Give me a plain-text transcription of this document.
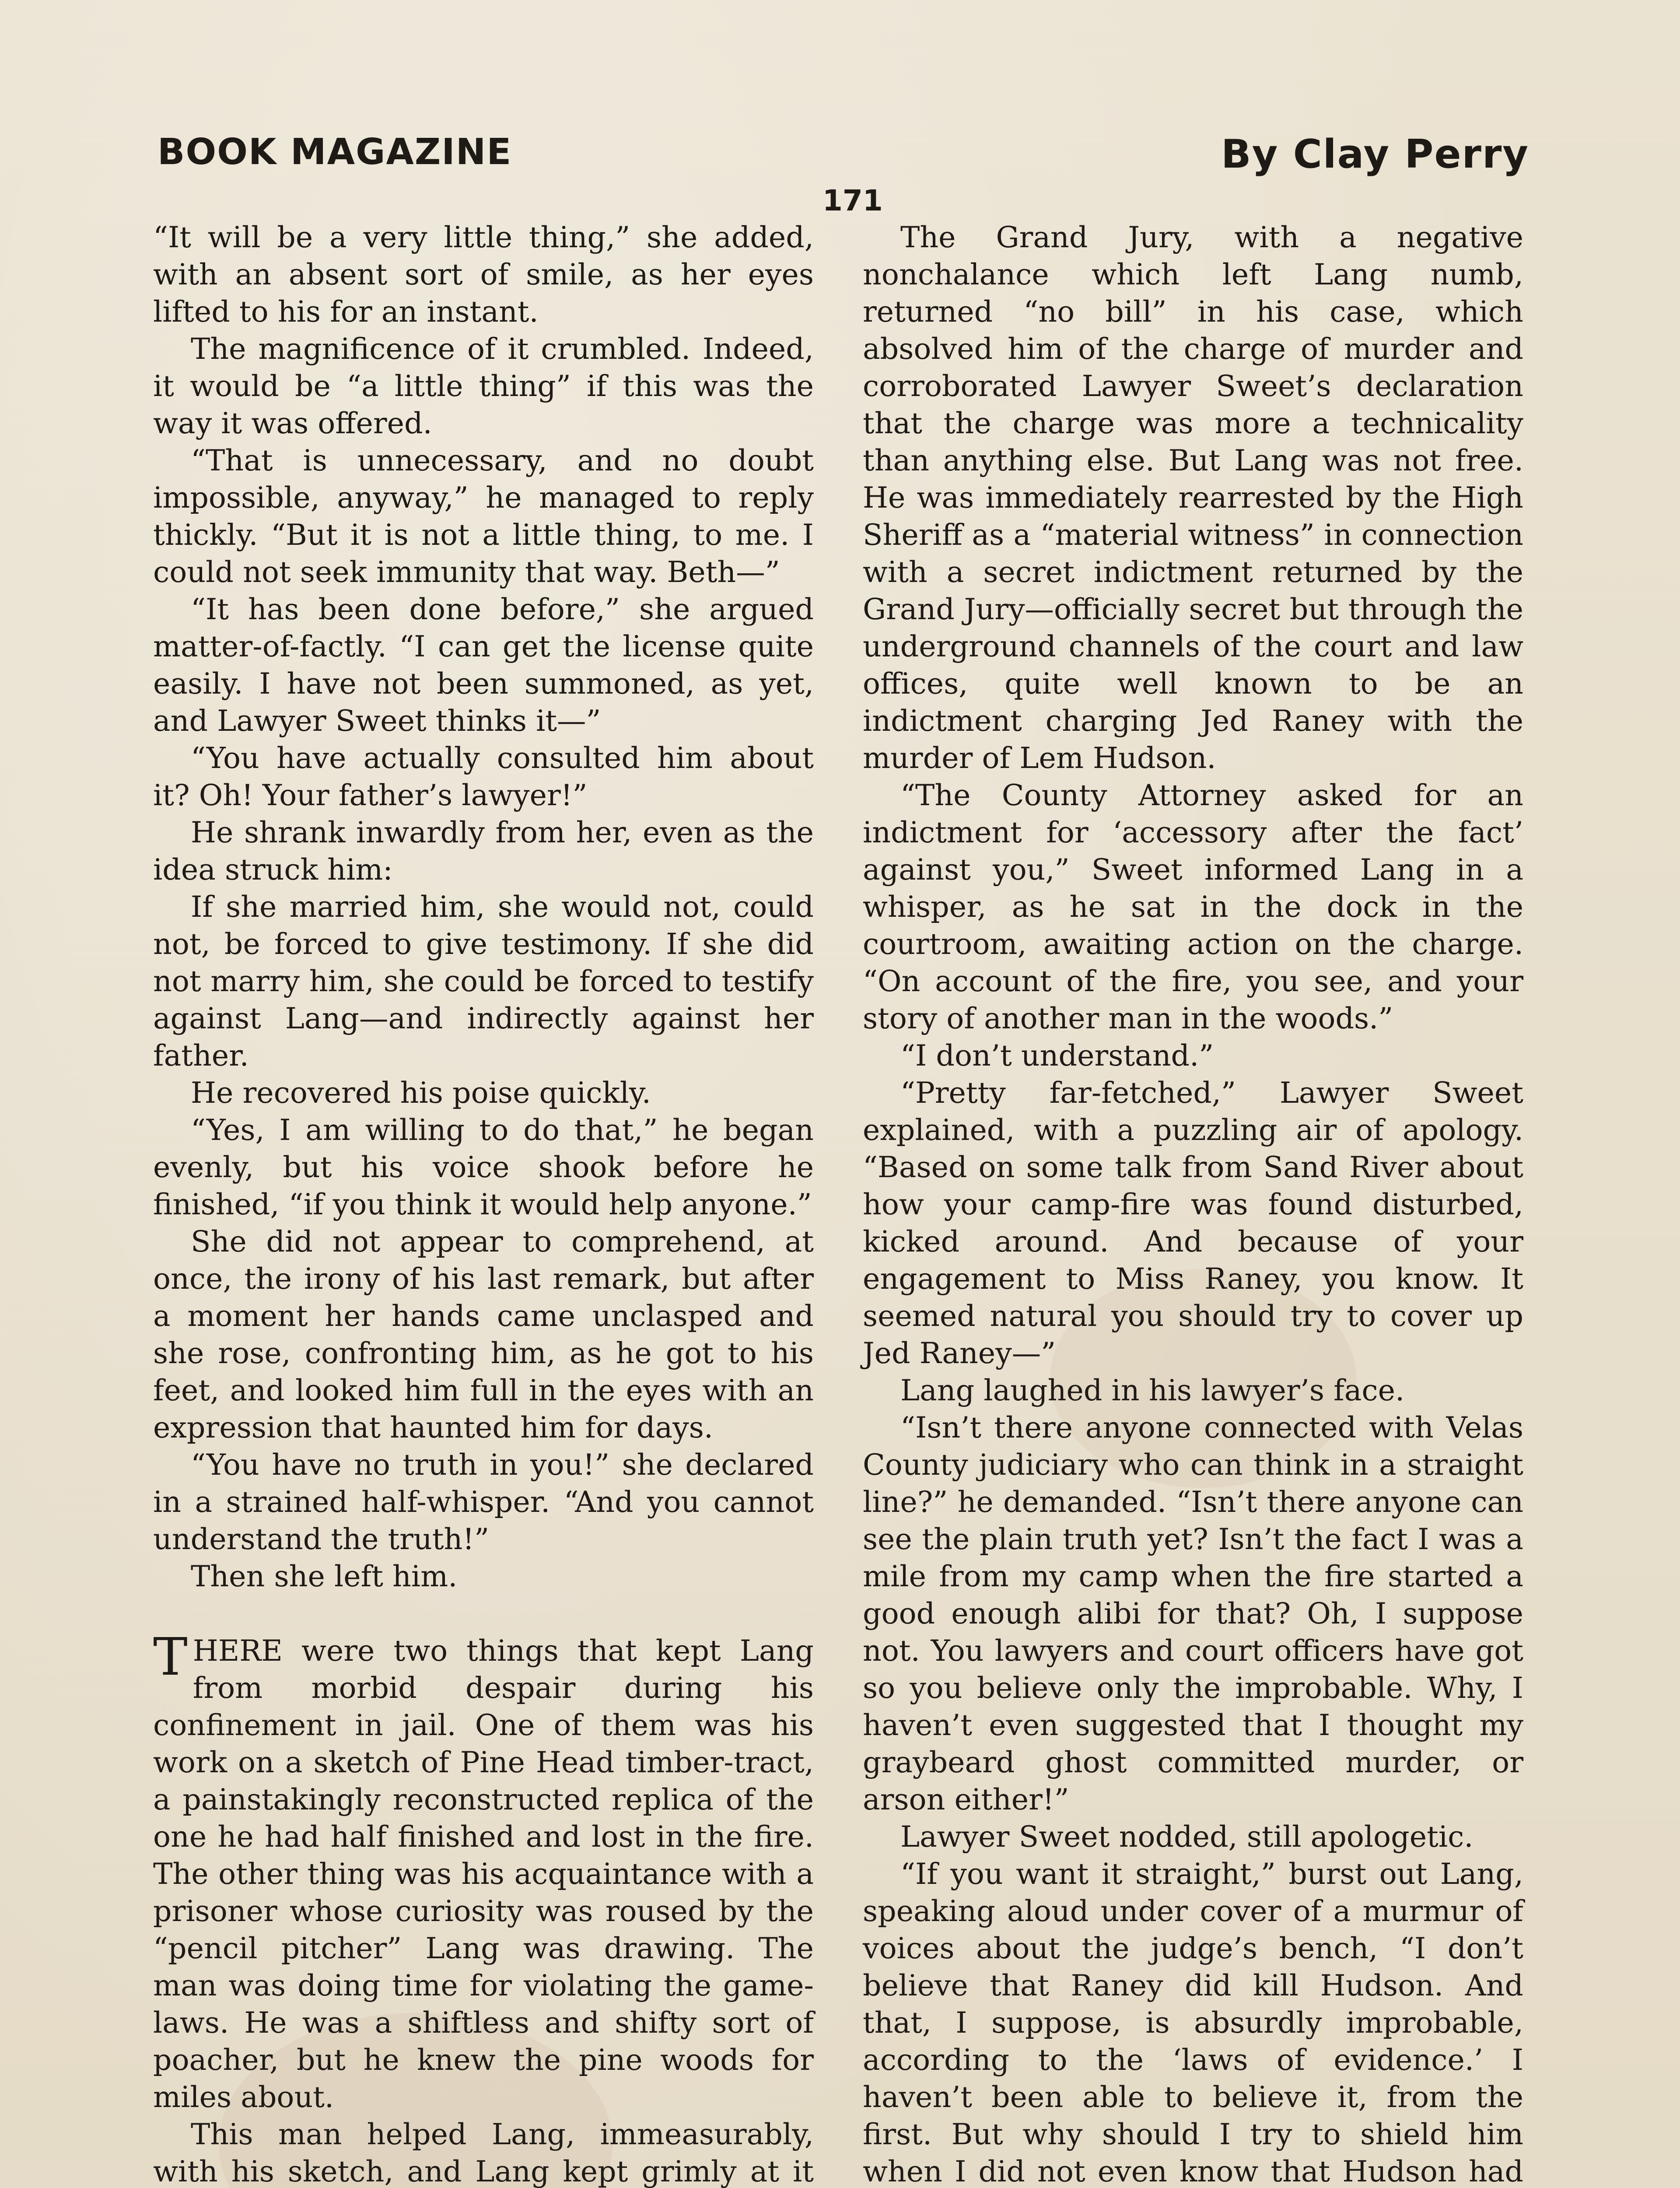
BOOK MAGAZINE	By Clay Perry
171

“It will be a very little thing,” she added, with an absent sort of smile, as her eyes lifted to his for an instant.

The magnificence of it crumbled. Indeed, it would be “a little thing” if this was the way it was offered.

“That is unnecessary, and no doubt impossible, anyway,” he managed to reply thickly. “But it is not a little thing, to me. I could not seek immunity that way. Beth—”

“It has been done before,” she argued matter-of-factly. “I can get the license quite easily. I have not been summoned, as yet, and Lawyer Sweet thinks it—”

“You have actually consulted him about it? Oh! Your father’s lawyer!”

He shrank inwardly from her, even as the idea struck him:

If she married him, she would not, could not, be forced to give testimony. If she did not marry him, she could be forced to testify against Lang—and indirectly against her father.

He recovered his poise quickly.

“Yes, I am willing to do that,” he began evenly, but his voice shook before he finished, “if you think it would help anyone.”

She did not appear to comprehend, at once, the irony of his last remark, but after a moment her hands came unclasped and she rose, confronting him, as he got to his feet, and looked him full in the eyes with an expression that haunted him for days.

“You have no truth in you!” she declared in a strained half-whisper. “And you cannot understand the truth!”

Then she left him.

THERE were two things that kept Lang from morbid despair during his confinement in jail. One of them was his work on a sketch of Pine Head timber-tract, a painstakingly reconstructed replica of the one he had half finished and lost in the fire. The other thing was his acquaintance with a prisoner whose curiosity was roused by the “pencil pitcher” Lang was drawing. The man was doing time for violating the game-laws. He was a shiftless and shifty sort of poacher, but he knew the pine woods for miles about.

This man helped Lang, immeasurably, with his sketch, and Lang kept grimly at it

The Grand Jury, with a negative nonchalance which left Lang numb, returned “no bill” in his case, which absolved him of the charge of murder and corroborated Lawyer Sweet’s declaration that the charge was more a technicality than anything else. But Lang was not free. He was immediately rearrested by the High Sheriff as a “material witness” in connection with a secret indictment returned by the Grand Jury—officially secret but through the underground channels of the court and law offices, quite well known to be an indictment charging Jed Raney with the murder of Lem Hudson.

“The County Attorney asked for an indictment for ‘accessory after the fact’ against you,” Sweet informed Lang in a whisper, as he sat in the dock in the courtroom, awaiting action on the charge. “On account of the fire, you see, and your story of another man in the woods.”

“I don’t understand.”

“Pretty far-fetched,” Lawyer Sweet explained, with a puzzling air of apology. “Based on some talk from Sand River about how your camp-fire was found disturbed, kicked around. And because of your engagement to Miss Raney, you know. It seemed natural you should try to cover up Jed Raney—”

Lang laughed in his lawyer’s face.

“Isn’t there anyone connected with Velas County judiciary who can think in a straight line?” he demanded. “Isn’t there anyone can see the plain truth yet? Isn’t the fact I was a mile from my camp when the fire started a good enough alibi for that? Oh, I suppose not. You lawyers and court officers have got so you believe only the improbable. Why, I haven’t even suggested that I thought my graybeard ghost committed murder, or arson either!”

Lawyer Sweet nodded, still apologetic.

“If you want it straight,” burst out Lang, speaking aloud under cover of a murmur of voices about the judge’s bench, “I don’t believe that Raney did kill Hudson. And that, I suppose, is absurdly improbable, according to the ‘laws of evidence.’ I haven’t been able to believe it, from the first. But why should I try to shield him when I did not even know that Hudson had
